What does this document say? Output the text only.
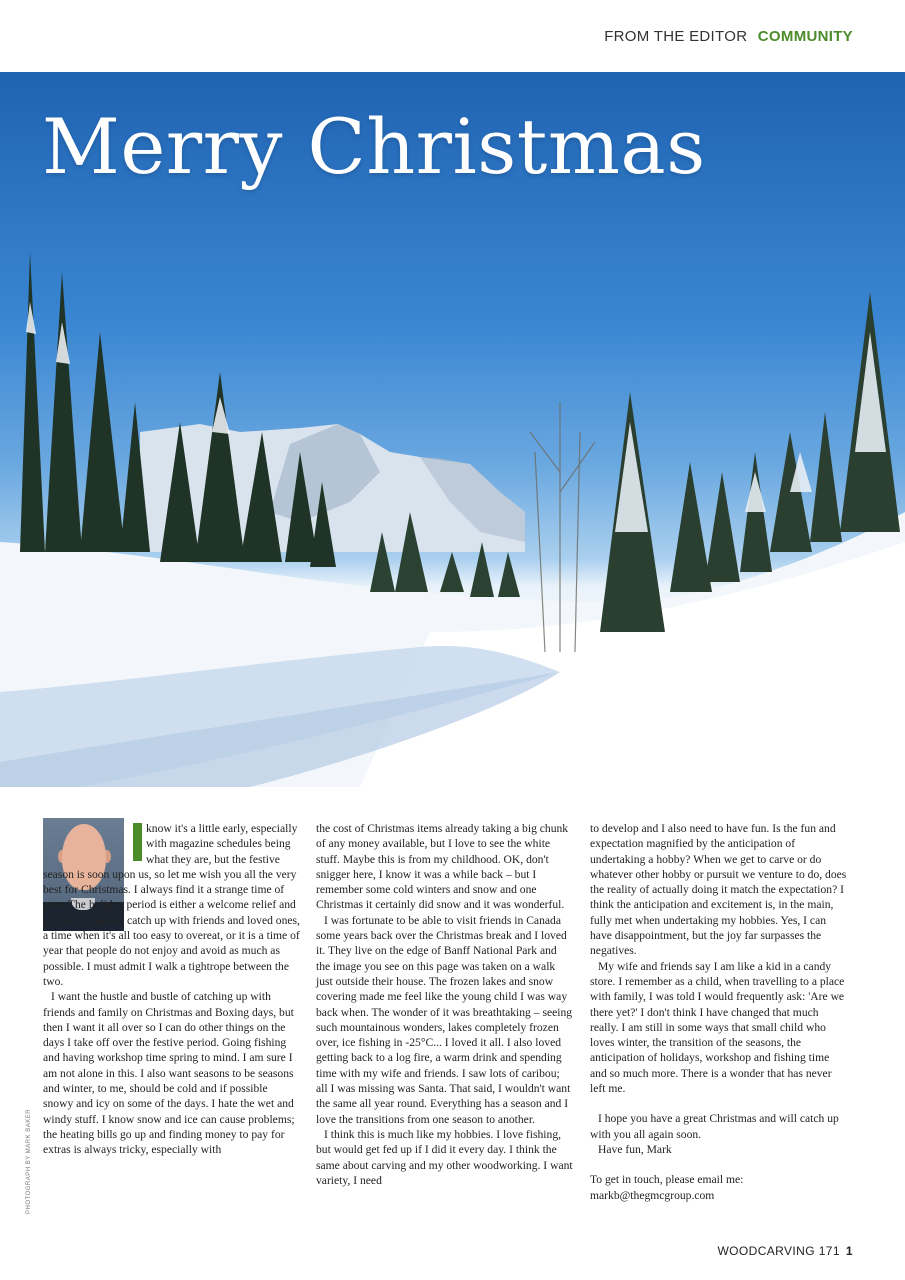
FROM THE EDITOR COMMUNITY
Merry Christmas
PHOTOGRAPH BY MARK BAKER

know it's a little early, especially with magazine schedules being what they are, but the festive season is soon upon us, so let me wish you all the very best for Christmas. I always find it a strange time of year. The holiday period is either a welcome relief and a time to unwind, catch up with friends and loved ones, a time when it's all too easy to overeat, or it is a time of year that people do not enjoy and avoid as much as possible. I must admit I walk a tightrope between the two.

I want the hustle and bustle of catching up with friends and family on Christmas and Boxing days, but then I want it all over so I can do other things on the days I take off over the festive period. Going fishing and having workshop time spring to mind. I am sure I am not alone in this. I also want seasons to be seasons and winter, to me, should be cold and if possible snowy and icy on some of the days. I hate the wet and windy stuff. I know snow and ice can cause problems; the heating bills go up and finding money to pay for extras is always tricky, especially with

the cost of Christmas items already taking a big chunk of any money available, but I love to see the white stuff. Maybe this is from my childhood. OK, don't snigger here, I know it was a while back – but I remember some cold winters and snow and one Christmas it certainly did snow and it was wonderful.

I was fortunate to be able to visit friends in Canada some years back over the Christmas break and I loved it. They live on the edge of Banff National Park and the image you see on this page was taken on a walk just outside their house. The frozen lakes and snow covering made me feel like the young child I was way back when. The wonder of it was breathtaking – seeing such mountainous wonders, lakes completely frozen over, ice fishing in -25°C... I loved it all. I also loved getting back to a log fire, a warm drink and spending time with my wife and friends. I saw lots of caribou; all I was missing was Santa. That said, I wouldn't want the same all year round. Everything has a season and I love the transitions from one season to another.

I think this is much like my hobbies. I love fishing, but would get fed up if I did it every day. I think the same about carving and my other woodworking. I want variety, I need

to develop and I also need to have fun. Is the fun and expectation magnified by the anticipation of undertaking a hobby? When we get to carve or do whatever other hobby or pursuit we venture to do, does the reality of actually doing it match the expectation? I think the anticipation and excitement is, in the main, fully met when undertaking my hobbies. Yes, I can have disappointment, but the joy far surpasses the negatives.

My wife and friends say I am like a kid in a candy store. I remember as a child, when travelling to a place with family, I was told I would frequently ask: 'Are we there yet?' I don't think I have changed that much really. I am still in some ways that small child who loves winter, the transition of the seasons, the anticipation of holidays, workshop and fishing time and so much more. There is a wonder that has never left me.

I hope you have a great Christmas and will catch up with you all again soon.

Have fun, Mark

To get in touch, please email me:

markb@thegmcgroup.com

WOODCARVING 171 1
